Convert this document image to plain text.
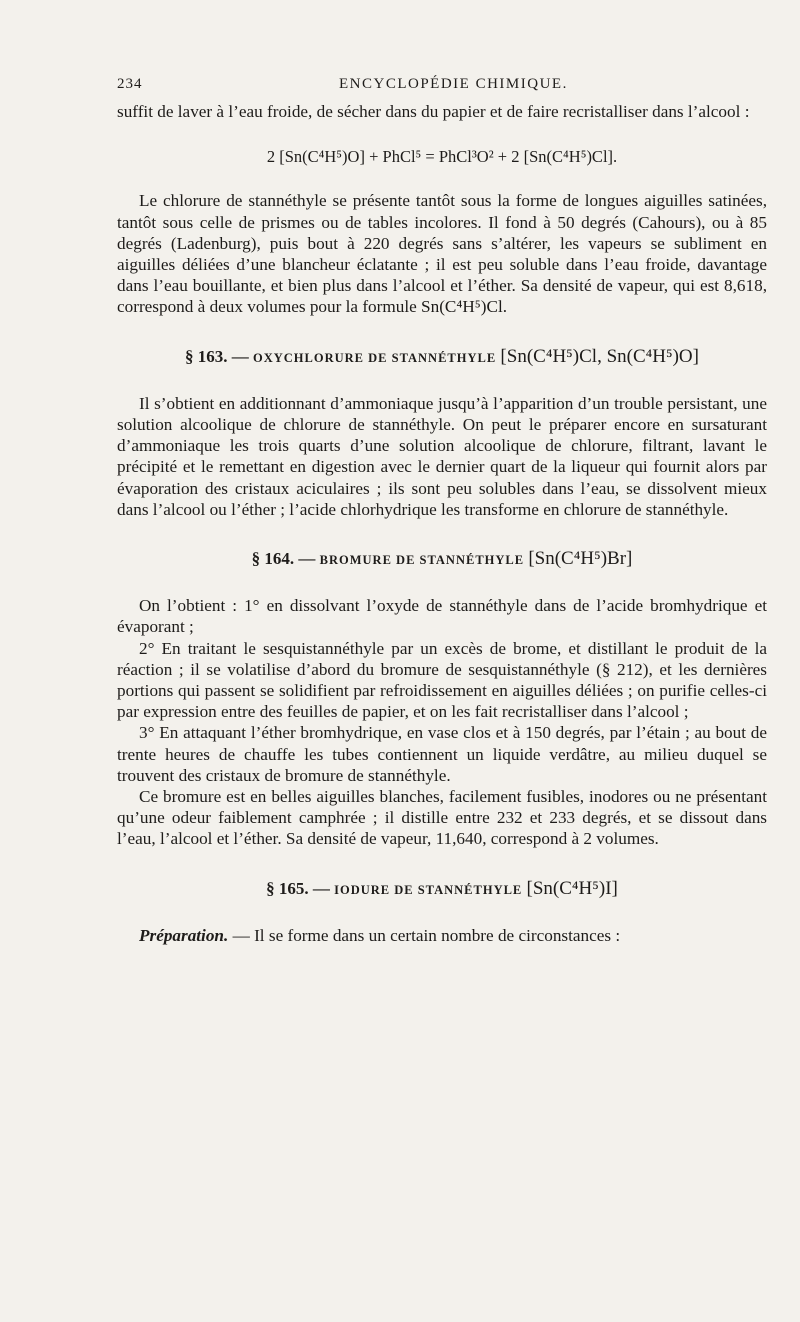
234	ENCYCLOPÉDIE CHIMIQUE.

suffit de laver à l’eau froide, de sécher dans du papier et de faire recristalliser dans l’alcool :

2 [Sn(C⁴H⁵)O] + PhCl⁵ = PhCl³O² + 2 [Sn(C⁴H⁵)Cl].

Le chlorure de stannéthyle se présente tantôt sous la forme de longues aiguilles satinées, tantôt sous celle de prismes ou de tables incolores. Il fond à 50 degrés (Cahours), ou à 85 degrés (Ladenburg), puis bout à 220 degrés sans s’altérer, les vapeurs se subliment en aiguilles déliées d’une blancheur éclatante ; il est peu soluble dans l’eau froide, davantage dans l’eau bouillante, et bien plus dans l’alcool et l’éther. Sa densité de vapeur, qui est 8,618, correspond à deux volumes pour la formule Sn(C⁴H⁵)Cl.

§ 163. — OXYCHLORURE DE STANNÉTHYLE [Sn(C⁴H⁵)Cl, Sn(C⁴H⁵)O]

Il s’obtient en additionnant d’ammoniaque jusqu’à l’apparition d’un trouble persistant, une solution alcoolique de chlorure de stannéthyle. On peut le préparer encore en sursaturant d’ammoniaque les trois quarts d’une solution alcoolique de chlorure, filtrant, lavant le précipité et le remettant en digestion avec le dernier quart de la liqueur qui fournit alors par évaporation des cristaux aciculaires ; ils sont peu solubles dans l’eau, se dissolvent mieux dans l’alcool ou l’éther ; l’acide chlorhydrique les transforme en chlorure de stannéthyle.

§ 164. — BROMURE DE STANNÉTHYLE [Sn(C⁴H⁵)Br]

On l’obtient : 1° en dissolvant l’oxyde de stannéthyle dans de l’acide bromhydrique et évaporant ;

2° En traitant le sesquistannéthyle par un excès de brome, et distillant le produit de la réaction ; il se volatilise d’abord du bromure de sesquistannéthyle (§ 212), et les dernières portions qui passent se solidifient par refroidissement en aiguilles déliées ; on purifie celles-ci par expression entre des feuilles de papier, et on les fait recristalliser dans l’alcool ;

3° En attaquant l’éther bromhydrique, en vase clos et à 150 degrés, par l’étain ; au bout de trente heures de chauffe les tubes contiennent un liquide verdâtre, au milieu duquel se trouvent des cristaux de bromure de stannéthyle.

Ce bromure est en belles aiguilles blanches, facilement fusibles, inodores ou ne présentant qu’une odeur faiblement camphrée ; il distille entre 232 et 233 degrés, et se dissout dans l’eau, l’alcool et l’éther. Sa densité de vapeur, 11,640, correspond à 2 volumes.

§ 165. — IODURE DE STANNÉTHYLE [Sn(C⁴H⁵)I]

Préparation. — Il se forme dans un certain nombre de circonstances :
